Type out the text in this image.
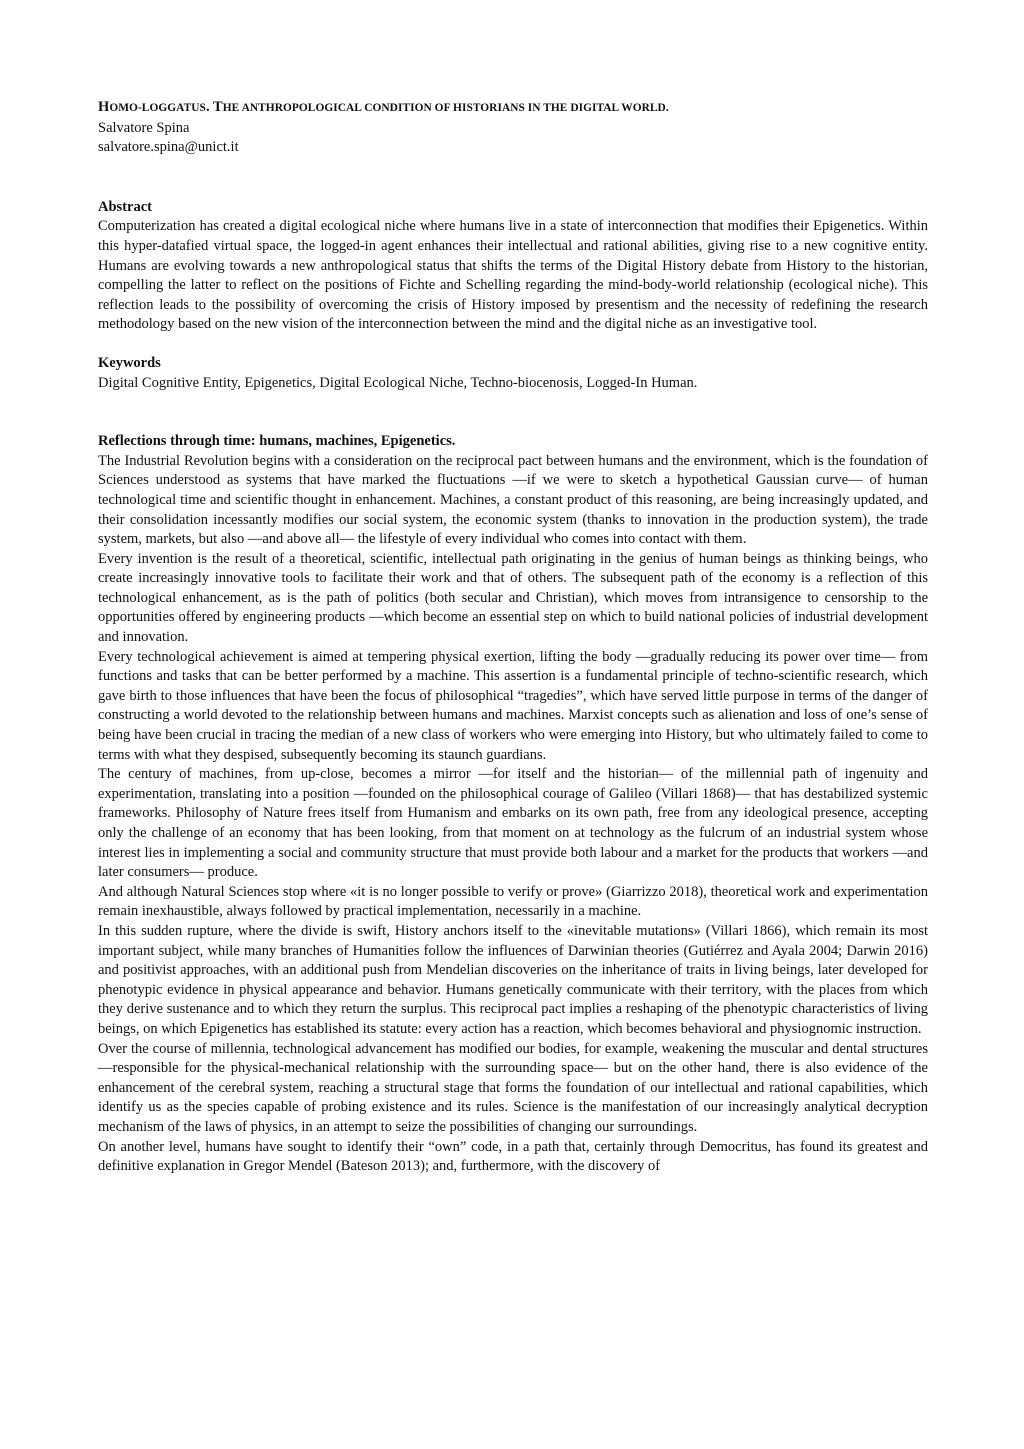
HOMO-LOGGATUS. THE ANTHROPOLOGICAL CONDITION OF HISTORIANS IN THE DIGITAL WORLD.
Salvatore Spina
salvatore.spina@unict.it
Abstract

Computerization has created a digital ecological niche where humans live in a state of interconnection that modifies their Epigenetics. Within this hyper-datafied virtual space, the logged-in agent enhances their intellectual and rational abilities, giving rise to a new cognitive entity. Humans are evolving towards a new anthropological status that shifts the terms of the Digital History debate from History to the historian, compelling the latter to reflect on the positions of Fichte and Schelling regarding the mind-body-world relationship (ecological niche). This reflection leads to the possibility of overcoming the crisis of History imposed by presentism and the necessity of redefining the research methodology based on the new vision of the interconnection between the mind and the digital niche as an investigative tool.

Keywords

Digital Cognitive Entity, Epigenetics, Digital Ecological Niche, Techno-biocenosis, Logged-In Human.

Reflections through time: humans, machines, Epigenetics.

The Industrial Revolution begins with a consideration on the reciprocal pact between humans and the environment, which is the foundation of Sciences understood as systems that have marked the fluctuations —if we were to sketch a hypothetical Gaussian curve— of human technological time and scientific thought in enhancement. Machines, a constant product of this reasoning, are being increasingly updated, and their consolidation incessantly modifies our social system, the economic system (thanks to innovation in the production system), the trade system, markets, but also —and above all— the lifestyle of every individual who comes into contact with them.

Every invention is the result of a theoretical, scientific, intellectual path originating in the genius of human beings as thinking beings, who create increasingly innovative tools to facilitate their work and that of others. The subsequent path of the economy is a reflection of this technological enhancement, as is the path of politics (both secular and Christian), which moves from intransigence to censorship to the opportunities offered by engineering products —which become an essential step on which to build national policies of industrial development and innovation.

Every technological achievement is aimed at tempering physical exertion, lifting the body —gradually reducing its power over time— from functions and tasks that can be better performed by a machine. This assertion is a fundamental principle of techno-scientific research, which gave birth to those influences that have been the focus of philosophical “tragedies”, which have served little purpose in terms of the danger of constructing a world devoted to the relationship between humans and machines. Marxist concepts such as alienation and loss of one’s sense of being have been crucial in tracing the median of a new class of workers who were emerging into History, but who ultimately failed to come to terms with what they despised, subsequently becoming its staunch guardians.

The century of machines, from up-close, becomes a mirror —for itself and the historian— of the millennial path of ingenuity and experimentation, translating into a position —founded on the philosophical courage of Galileo (Villari 1868)— that has destabilized systemic frameworks. Philosophy of Nature frees itself from Humanism and embarks on its own path, free from any ideological presence, accepting only the challenge of an economy that has been looking, from that moment on at technology as the fulcrum of an industrial system whose interest lies in implementing a social and community structure that must provide both labour and a market for the products that workers —and later consumers— produce.

And although Natural Sciences stop where «it is no longer possible to verify or prove» (Giarrizzo 2018), theoretical work and experimentation remain inexhaustible, always followed by practical implementation, necessarily in a machine.

In this sudden rupture, where the divide is swift, History anchors itself to the «inevitable mutations» (Villari 1866), which remain its most important subject, while many branches of Humanities follow the influences of Darwinian theories (Gutiérrez and Ayala 2004; Darwin 2016) and positivist approaches, with an additional push from Mendelian discoveries on the inheritance of traits in living beings, later developed for phenotypic evidence in physical appearance and behavior. Humans genetically communicate with their territory, with the places from which they derive sustenance and to which they return the surplus. This reciprocal pact implies a reshaping of the phenotypic characteristics of living beings, on which Epigenetics has established its statute: every action has a reaction, which becomes behavioral and physiognomic instruction.

Over the course of millennia, technological advancement has modified our bodies, for example, weakening the muscular and dental structures —responsible for the physical-mechanical relationship with the surrounding space— but on the other hand, there is also evidence of the enhancement of the cerebral system, reaching a structural stage that forms the foundation of our intellectual and rational capabilities, which identify us as the species capable of probing existence and its rules. Science is the manifestation of our increasingly analytical decryption mechanism of the laws of physics, in an attempt to seize the possibilities of changing our surroundings.

On another level, humans have sought to identify their “own” code, in a path that, certainly through Democritus, has found its greatest and definitive explanation in Gregor Mendel (Bateson 2013); and, furthermore, with the discovery of
